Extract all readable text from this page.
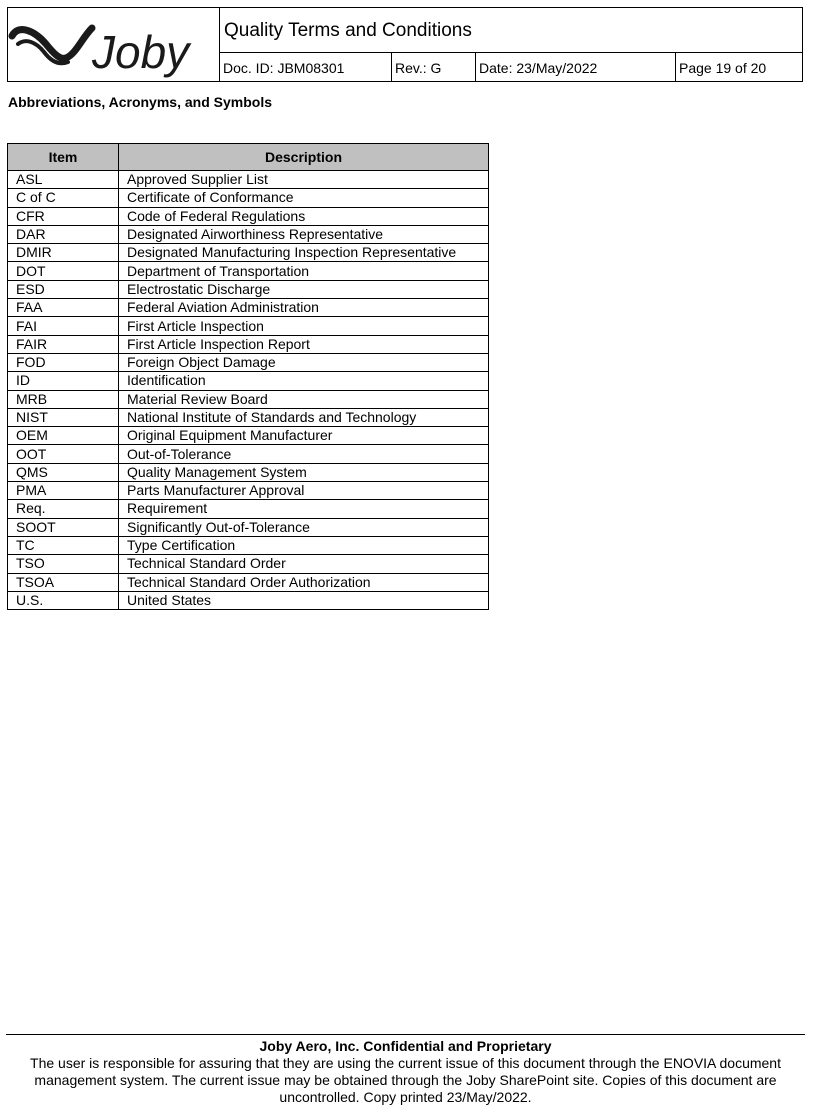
Joby Quality Terms and Conditions
Doc. ID: JBM08301	Rev.: G	Date: 23/May/2022	Page 19 of 20
Abbreviations, Acronyms, and Symbols
Item	Description
ASL	Approved Supplier List
C of C	Certificate of Conformance
CFR	Code of Federal Regulations
DAR	Designated Airworthiness Representative
DMIR	Designated Manufacturing Inspection Representative
DOT	Department of Transportation
ESD	Electrostatic Discharge
FAA	Federal Aviation Administration
FAI	First Article Inspection
FAIR	First Article Inspection Report
FOD	Foreign Object Damage
ID	Identification
MRB	Material Review Board
NIST	National Institute of Standards and Technology
OEM	Original Equipment Manufacturer
OOT	Out-of-Tolerance
QMS	Quality Management System
PMA	Parts Manufacturer Approval
Req.	Requirement
SOOT	Significantly Out-of-Tolerance
TC	Type Certification
TSO	Technical Standard Order
TSOA	Technical Standard Order Authorization
U.S.	United States
Joby Aero, Inc. Confidential and Proprietary
The user is responsible for assuring that they are using the current issue of this document through the ENOVIA document management system. The current issue may be obtained through the Joby SharePoint site. Copies of this document are uncontrolled. Copy printed 23/May/2022.
